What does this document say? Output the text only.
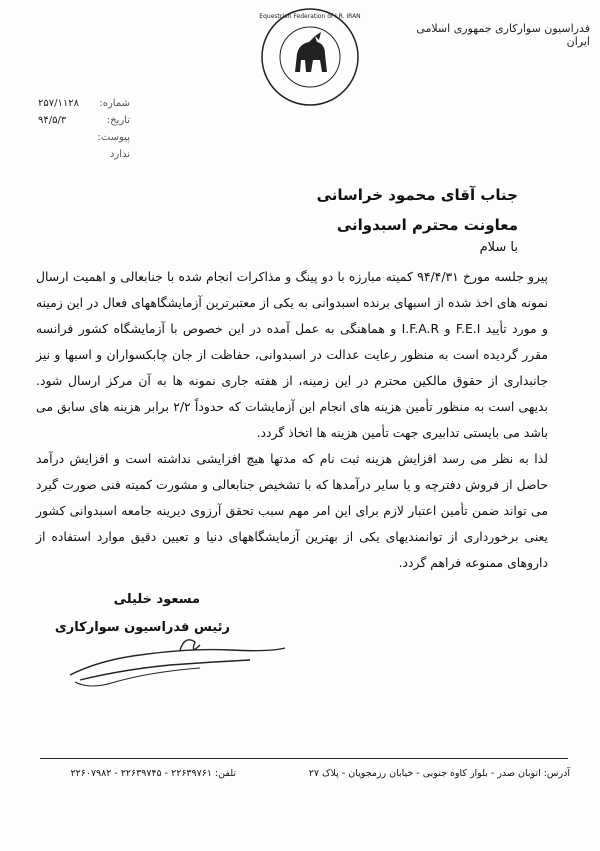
فدراسیون سوارکاری جمهوری اسلامی ایران
Equestrian Federation of I.R. IRAN
شماره:
۲۵۷/۱۱۲۸
تاریخ:
۹۴/۵/۳
پیوست:
ندارد
جناب آقای محمود خراسانی
معاونت محترم اسبدوانی
با سلام

پیرو جلسه مورخ ۹۴/۴/۳۱ کمیته مبارزه با دو پینگ و مذاکرات انجام شده با جنابعالی و اهمیت ارسال نمونه های اخذ شده از اسبهای برنده اسبدوانی به یکی از معتبرترین آزمایشگاههای فعال در این زمینه و مورد تأیید F.E.I و I.F.A.R و هماهنگی به عمل آمده در این خصوص با آزمایشگاه کشور فرانسه مقرر گردیده است به منظور رعایت عدالت در اسبدوانی، حفاظت از جان چابکسواران و اسبها و نیز جانبداری از حقوق مالکین محترم در این زمینه، از هفته جاری نمونه ها به آن مرکز ارسال شود. بدیهی است به منظور تأمین هزینه های انجام این آزمایشات که حدوداً ۲/۲ برابر هزینه های سابق می باشد می بایستی تدابیری جهت تأمین هزینه ها اتخاذ گردد.

لذا به نظر می رسد افزایش هزینه ثبت نام که مدتها هیچ افزایشی نداشته است و افزایش درآمد حاصل از فروش دفترچه و یا سایر درآمدها که با تشخیص جنابعالی و مشورت کمیته فنی صورت گیرد می تواند ضمن تأمین اعتبار لازم برای این امر مهم سبب تحقق آرزوی دیرینه جامعه اسبدوانی کشور یعنی برخورداری از توانمندیهای یکی از بهترین آزمایشگاههای دنیا و تعیین دقیق موارد استفاده از داروهای ممنوعه فراهم گردد.

مسعود خلیلی
رئیس فدراسیون سوارکاری
آدرس: اتوبان صدر - بلوار کاوه جنوبی - خیابان رزمجویان - پلاک ۲۷
تلفن: ۲۲۶۳۹۷۶۱ - ۲۲۶۳۹۷۴۵ - ۲۲۶۰۷۹۸۲
